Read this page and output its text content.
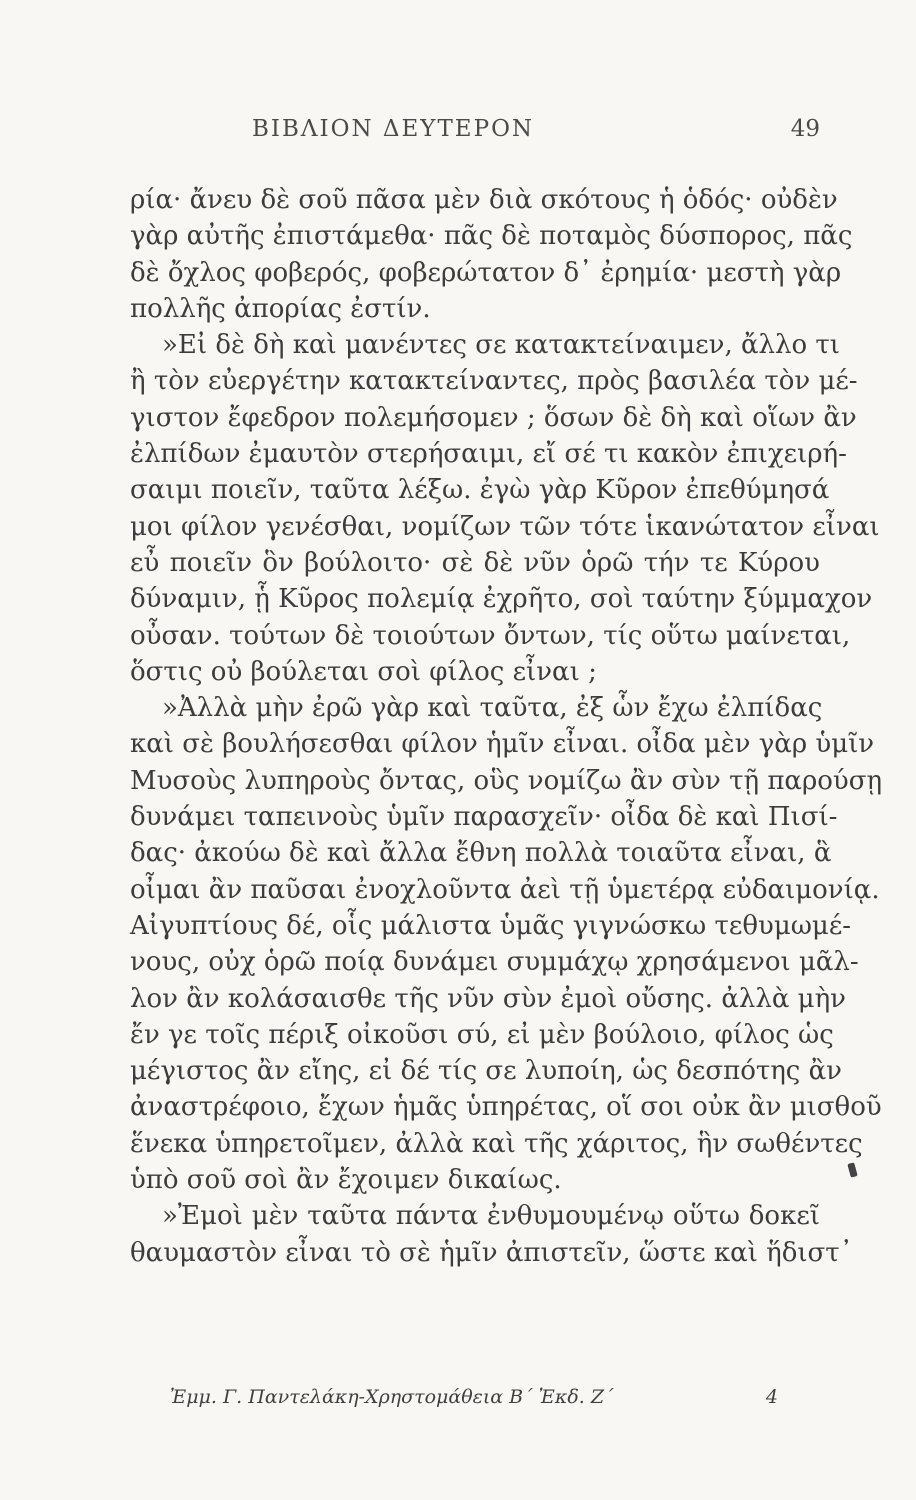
ΒΙΒΛΙΟΝ ΔΕΥΤΕΡΟΝ	49
ρία· ἄνευ δὲ σοῦ πᾶσα μὲν διὰ σκότους ἡ ὁδός· οὐδὲν
γὰρ αὐτῆς ἐπιστάμεθα· πᾶς δὲ ποταμὸς δύσπορος, πᾶς
δὲ ὄχλος φοβερός, φοβερώτατον δ᾽ ἐρημία· μεστὴ γὰρ
πολλῆς ἀπορίας ἐστίν.
»Εἰ δὲ δὴ καὶ μανέντες σε κατακτείναιμεν, ἄλλο τι
ἢ τὸν εὐεργέτην κατακτείναντες, πρὸς βασιλέα τὸν μέ-
γιστον ἔφεδρον πολεμήσομεν ; ὅσων δὲ δὴ καὶ οἵων ἂν
ἐλπίδων ἐμαυτὸν στερήσαιμι, εἴ σέ τι κακὸν ἐπιχειρή-
σαιμι ποιεῖν, ταῦτα λέξω. ἐγὼ γὰρ Κῦρον ἐπεθύμησά
μοι φίλον γενέσθαι, νομίζων τῶν τότε ἱκανώτατον εἶναι
εὖ ποιεῖν ὃν βούλοιτο· σὲ δὲ νῦν ὁρῶ τήν τε Κύρου
δύναμιν, ᾗ Κῦρος πολεμίᾳ ἐχρῆτο, σοὶ ταύτην ξύμμαχον
οὖσαν. τούτων δὲ τοιούτων ὄντων, τίς οὕτω μαίνεται,
ὅστις οὐ βούλεται σοὶ φίλος εἶναι ;
»Ἀλλὰ μὴν ἐρῶ γὰρ καὶ ταῦτα, ἐξ ὧν ἔχω ἐλπίδας
καὶ σὲ βουλήσεσθαι φίλον ἡμῖν εἶναι. οἶδα μὲν γὰρ ὑμῖν
Μυσοὺς λυπηροὺς ὄντας, οὓς νομίζω ἂν σὺν τῇ παρούσῃ
δυνάμει ταπεινοὺς ὑμῖν παρασχεῖν· οἶδα δὲ καὶ Πισί-
δας· ἀκούω δὲ καὶ ἄλλα ἔθνη πολλὰ τοιαῦτα εἶναι, ἃ
οἶμαι ἂν παῦσαι ἐνοχλοῦντα ἀεὶ τῇ ὑμετέρᾳ εὐδαιμονίᾳ.
Αἰγυπτίους δέ, οἷς μάλιστα ὑμᾶς γιγνώσκω τεθυμωμέ-
νους, οὐχ ὁρῶ ποίᾳ δυνάμει συμμάχῳ χρησάμενοι μᾶλ-
λον ἂν κολάσαισθε τῆς νῦν σὺν ἐμοὶ οὔσης. ἀλλὰ μὴν
ἔν γε τοῖς πέριξ οἰκοῦσι σύ, εἰ μὲν βούλοιο, φίλος ὡς
μέγιστος ἂν εἴης, εἰ δέ τίς σε λυποίη, ὡς δεσπότης ἂν
ἀναστρέφοιο, ἔχων ἡμᾶς ὑπηρέτας, οἵ σοι οὐκ ἂν μισθοῦ
ἕνεκα ὑπηρετοῖμεν, ἀλλὰ καὶ τῆς χάριτος, ἣν σωθέντες
ὑπὸ σοῦ σοὶ ἂν ἔχοιμεν δικαίως.
»Ἐμοὶ μὲν ταῦτα πάντα ἐνθυμουμένῳ οὕτω δοκεῖ
θαυμαστὸν εἶναι τὸ σὲ ἡμῖν ἀπιστεῖν, ὥστε καὶ ἥδιστ᾽
Ἐμμ. Γ. Παντελάκη-Χρηστομάθεια Β΄ Ἐκδ. Ζ΄	4
